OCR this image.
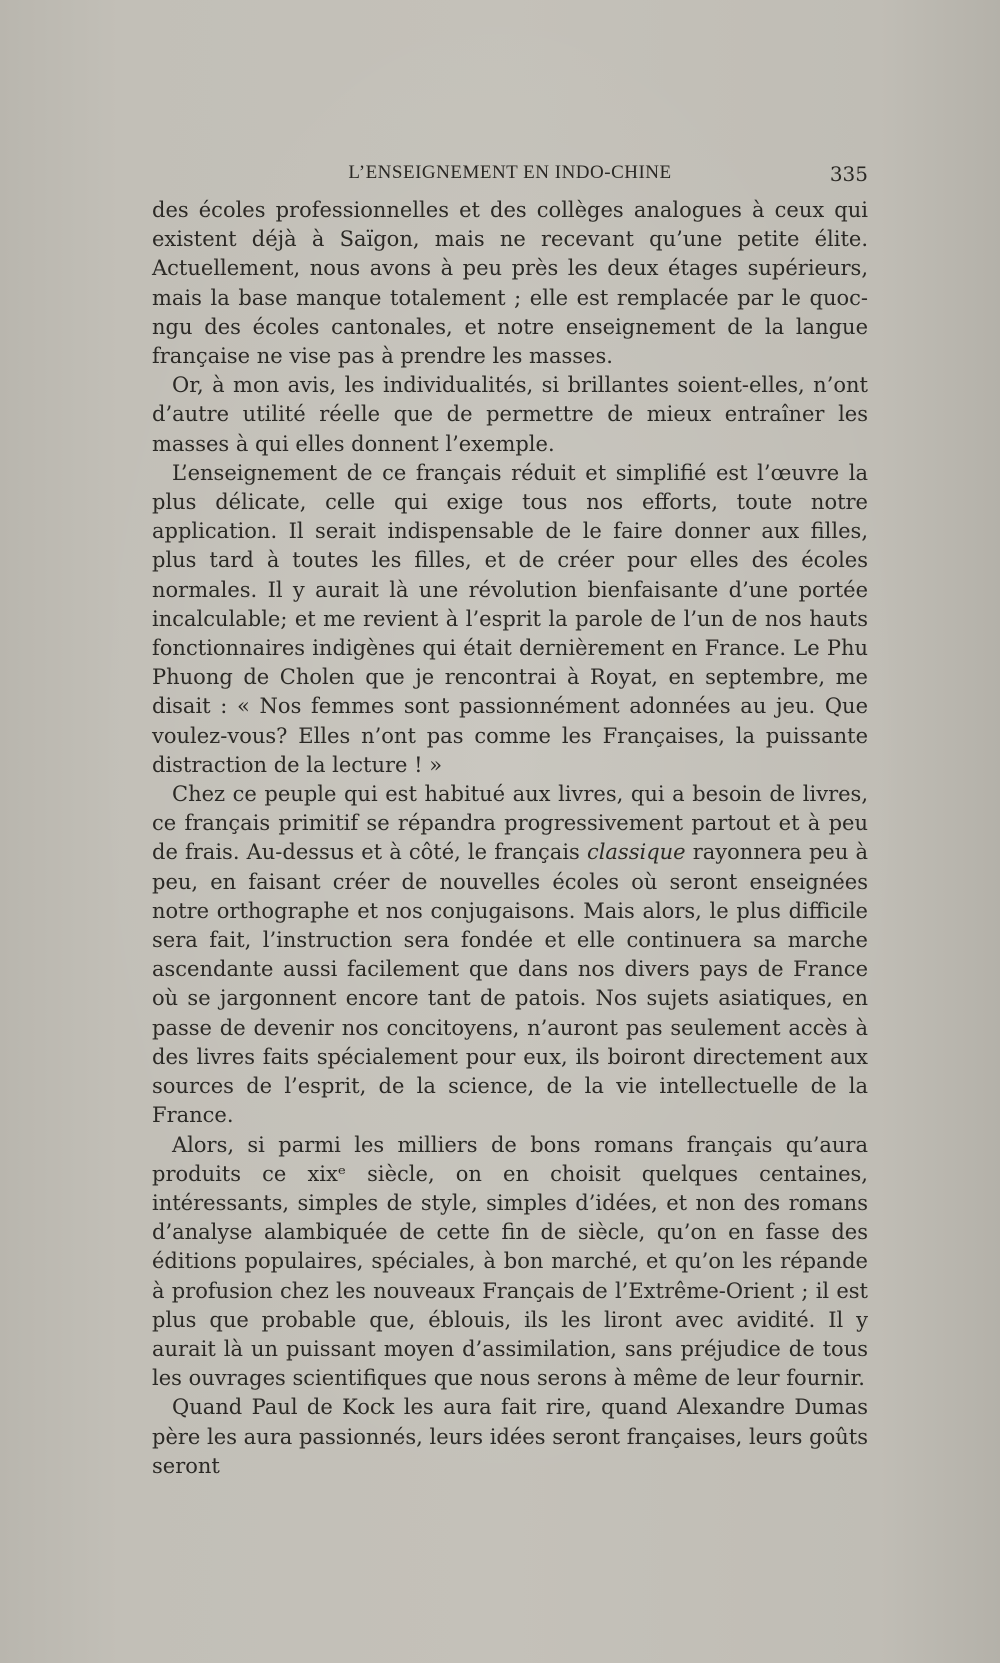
L’ENSEIGNEMENT EN INDO-CHINE	335

des écoles professionnelles et des collèges analogues à ceux qui existent déjà à Saïgon, mais ne recevant qu’une petite élite. Actuellement, nous avons à peu près les deux étages supérieurs, mais la base manque totalement ; elle est remplacée par le quoc-ngu des écoles cantonales, et notre enseignement de la langue française ne vise pas à prendre les masses.

Or, à mon avis, les individualités, si brillantes soient-elles, n’ont d’autre utilité réelle que de permettre de mieux entraîner les masses à qui elles donnent l’exemple.

L’enseignement de ce français réduit et simplifié est l’œuvre la plus délicate, celle qui exige tous nos efforts, toute notre application. Il serait indispensable de le faire donner aux filles, plus tard à toutes les filles, et de créer pour elles des écoles normales. Il y aurait là une révolution bienfaisante d’une portée incalculable; et me revient à l’esprit la parole de l’un de nos hauts fonctionnaires indigènes qui était dernièrement en France. Le Phu Phuong de Cholen que je rencontrai à Royat, en septembre, me disait : « Nos femmes sont passionnément adonnées au jeu. Que voulez-vous? Elles n’ont pas comme les Françaises, la puissante distraction de la lecture ! »

Chez ce peuple qui est habitué aux livres, qui a besoin de livres, ce français primitif se répandra progressivement partout et à peu de frais. Au-dessus et à côté, le français classique rayonnera peu à peu, en faisant créer de nouvelles écoles où seront enseignées notre orthographe et nos conjugaisons. Mais alors, le plus difficile sera fait, l’instruction sera fondée et elle continuera sa marche ascendante aussi facilement que dans nos divers pays de France où se jargonnent encore tant de patois. Nos sujets asiatiques, en passe de devenir nos concitoyens, n’auront pas seulement accès à des livres faits spécialement pour eux, ils boiront directement aux sources de l’esprit, de la science, de la vie intellectuelle de la France.

Alors, si parmi les milliers de bons romans français qu’aura produits ce xixᵉ siècle, on en choisit quelques centaines, intéressants, simples de style, simples d’idées, et non des romans d’analyse alambiquée de cette fin de siècle, qu’on en fasse des éditions populaires, spéciales, à bon marché, et qu’on les répande à profusion chez les nouveaux Français de l’Extrême-Orient ; il est plus que probable que, éblouis, ils les liront avec avidité. Il y aurait là un puissant moyen d’assimilation, sans préjudice de tous les ouvrages scientifiques que nous serons à même de leur fournir.

Quand Paul de Kock les aura fait rire, quand Alexandre Dumas père les aura passionnés, leurs idées seront françaises, leurs goûts seront
